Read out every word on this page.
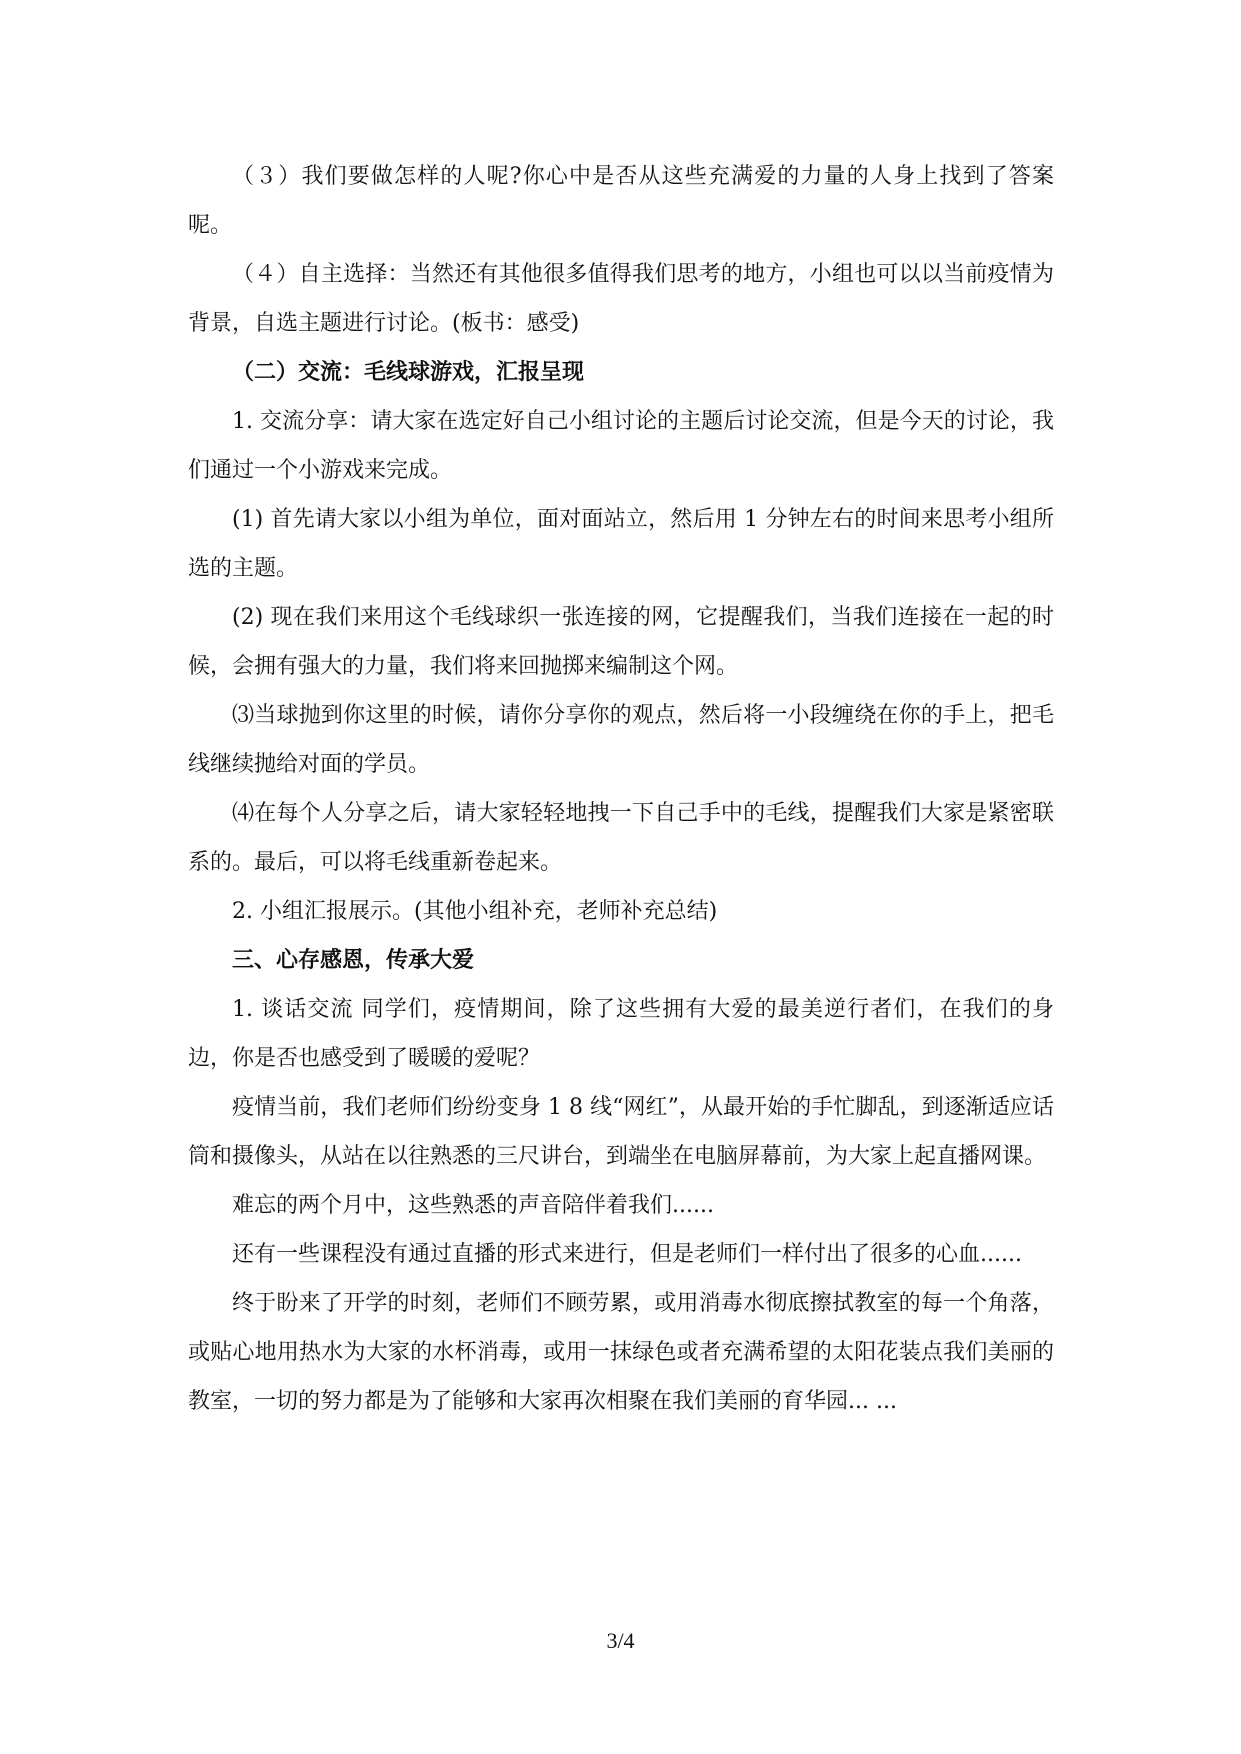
（３）我们要做怎样的人呢?你心中是否从这些充满爱的力量的人身上找到了答案呢。

（４）自主选择：当然还有其他很多值得我们思考的地方，小组也可以以当前疫情为背景，自选主题进行讨论。(板书：感受)

（二）交流：毛线球游戏，汇报呈现

1. 交流分享：请大家在选定好自己小组讨论的主题后讨论交流，但是今天的讨论，我们通过一个小游戏来完成。

(1) 首先请大家以小组为单位，面对面站立，然后用 1 分钟左右的时间来思考小组所选的主题。

(2) 现在我们来用这个毛线球织一张连接的网，它提醒我们，当我们连接在一起的时候，会拥有强大的力量，我们将来回抛掷来编制这个网。

⑶当球抛到你这里的时候，请你分享你的观点，然后将一小段缠绕在你的手上，把毛线继续抛给对面的学员。

⑷在每个人分享之后，请大家轻轻地拽一下自己手中的毛线，提醒我们大家是紧密联系的。最后，可以将毛线重新卷起来。

2. 小组汇报展示。(其他小组补充，老师补充总结)

三、心存感恩，传承大爱

1. 谈话交流 同学们，疫情期间，除了这些拥有大爱的最美逆行者们，在我们的身边，你是否也感受到了暖暖的爱呢？

疫情当前，我们老师们纷纷变身 1 8 线“网红”，从最开始的手忙脚乱，到逐渐适应话筒和摄像头，从站在以往熟悉的三尺讲台，到端坐在电脑屏幕前，为大家上起直播网课。

难忘的两个月中，这些熟悉的声音陪伴着我们......

还有一些课程没有通过直播的形式来进行，但是老师们一样付出了很多的心血......

终于盼来了开学的时刻，老师们不顾劳累，或用消毒水彻底擦拭教室的每一个角落，或贴心地用热水为大家的水杯消毒，或用一抹绿色或者充满希望的太阳花装点我们美丽的教室，一切的努力都是为了能够和大家再次相聚在我们美丽的育华园... ...

3/4
